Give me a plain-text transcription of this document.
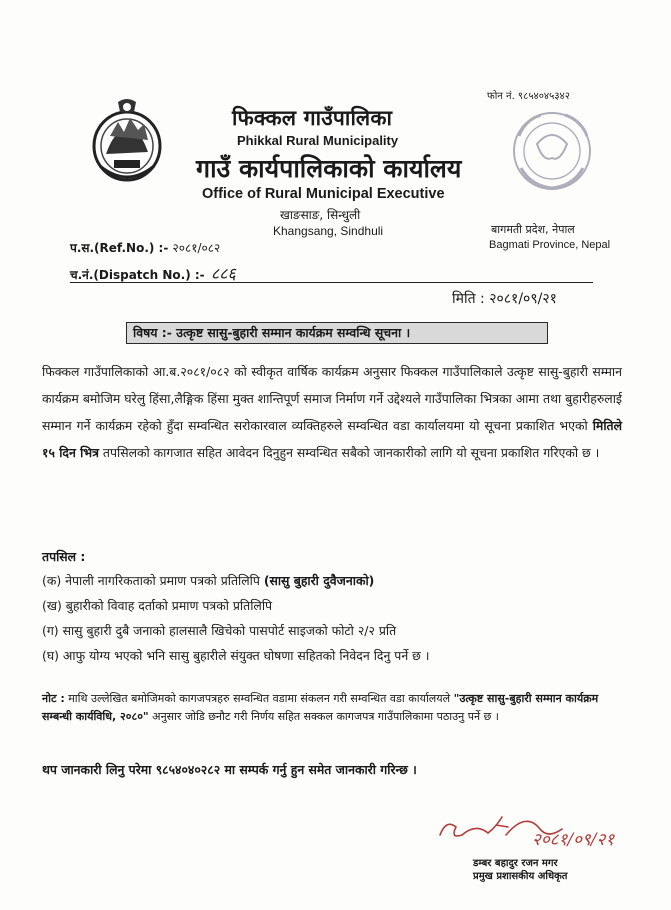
फिक्कल गाउँपालिका
Phikkal Rural Municipality
गाउँ कार्यपालिकाको कार्यालय
Office of Rural Municipal Executive
खाङसाङ, सिन्धुली
Khangsang, Sindhuli
फोन नं. ९८५४०४५३४२
बागमती प्रदेश, नेपाल
Bagmati Province, Nepal
प.स.(Ref.No.) :- २०८१/०८२
च.नं.(Dispatch No.) :- ८८६
मिति : २०८१/०९/२१
विषय :- उत्कृष्ट सासु-बुहारी सम्मान कार्यक्रम सम्वन्धि सूचना ।
फिक्कल गाउँपालिकाको आ.ब.२०८१/०८२ को स्वीकृत वार्षिक कार्यक्रम अनुसार फिक्कल गाउँपालिकाले उत्कृष्ट सासु-बुहारी सम्मान कार्यक्रम बमोजिम घरेलु हिंसा,लैङ्गिक हिंसा मुक्त शान्तिपूर्ण समाज निर्माण गर्ने उद्देश्यले गाउँपालिका भित्रका आमा तथा बुहारीहरुलाई सम्मान गर्ने कार्यक्रम रहेको हुँदा सम्वन्धित सरोकारवाल व्यक्तिहरुले सम्वन्धित वडा कार्यालयमा यो सूचना प्रकाशित भएको मितिले १५ दिन भित्र तपसिलको कागजात सहित आवेदन दिनुहुन सम्वन्धित सबैको जानकारीको लागि यो सूचना प्रकाशित गरिएको छ ।
तपसिल :
(क) नेपाली नागरिकताको प्रमाण पत्रको प्रतिलिपि (सासु बुहारी दुवैजनाको)
(ख) बुहारीको विवाह दर्ताको प्रमाण पत्रको प्रतिलिपि
(ग) सासु बुहारी दुबै जनाको हालसालै खिचेको पासपोर्ट साइजको फोटो २/२ प्रति
(घ) आफु योग्य भएको भनि सासु बुहारीले संयुक्त घोषणा सहितको निवेदन दिनु पर्ने छ ।
नोट : माथि उल्लेखित बमोजिमको कागजपत्रहरु सम्वन्धित वडामा संकलन गरी सम्वन्धित वडा कार्यालयले "उत्कृष्ट सासु-बुहारी सम्मान कार्यक्रम सम्बन्धी कार्यविधि, २०८०" अनुसार जोडि छनौट गरी निर्णय सहित सक्कल कागजपत्र गाउँपालिकामा पठाउनु पर्ने छ ।
थप जानकारी लिनु परेमा ९८५४०४०२८२ मा सम्पर्क गर्नु हुन समेत जानकारी गरिन्छ ।
२०८१/०९/२१
डम्बर बहादुर रजन मगर
प्रमुख प्रशासकीय अधिकृत
